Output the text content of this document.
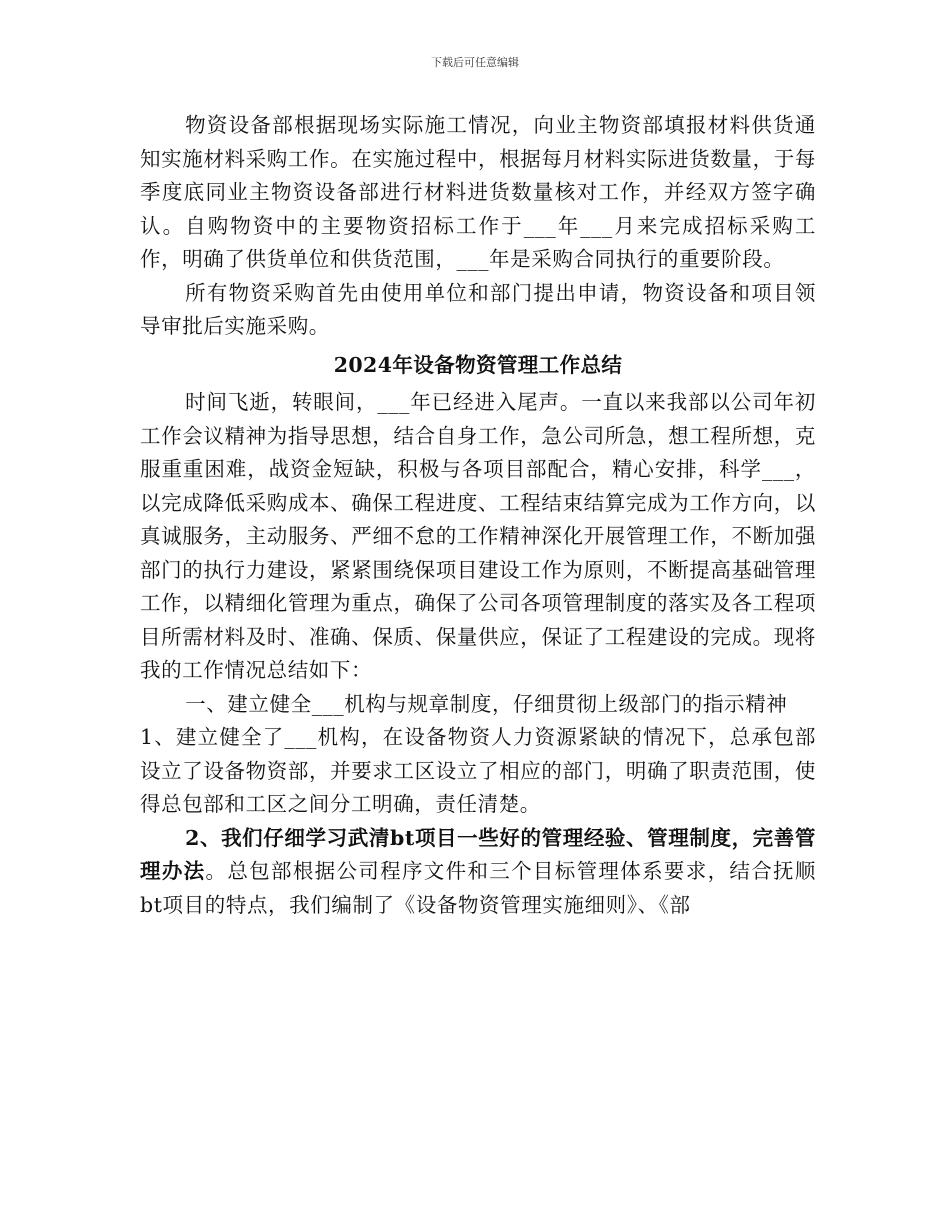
下载后可任意编辑

物资设备部根据现场实际施工情况，向业主物资部填报材料供货通知实施材料采购工作。在实施过程中，根据每月材料实际进货数量，于每季度底同业主物资设备部进行材料进货数量核对工作，并经双方签字确认。自购物资中的主要物资招标工作于___年___月来完成招标采购工作，明确了供货单位和供货范围，___年是采购合同执行的重要阶段。

所有物资采购首先由使用单位和部门提出申请，物资设备和项目领导审批后实施采购。

2024年设备物资管理工作总结

时间飞逝，转眼间，___年已经进入尾声。一直以来我部以公司年初工作会议精神为指导思想，结合自身工作，急公司所急，想工程所想，克服重重困难，战资金短缺，积极与各项目部配合，精心安排，科学___，以完成降低采购成本、确保工程进度、工程结束结算完成为工作方向，以真诚服务，主动服务、严细不怠的工作精神深化开展管理工作，不断加强部门的执行力建设，紧紧围绕保项目建设工作为原则，不断提高基础管理工作，以精细化管理为重点，确保了公司各项管理制度的落实及各工程项目所需材料及时、准确、保质、保量供应，保证了工程建设的完成。现将我的工作情况总结如下：

一、建立健全___机构与规章制度，仔细贯彻上级部门的指示精神

1、建立健全了___机构，在设备物资人力资源紧缺的情况下，总承包部设立了设备物资部，并要求工区设立了相应的部门，明确了职责范围，使得总包部和工区之间分工明确，责任清楚。

2、我们仔细学习武清bt项目一些好的管理经验、管理制度，完善管理办法。总包部根据公司程序文件和三个目标管理体系要求，结合抚顺bt项目的特点，我们编制了《设备物资管理实施细则》、《部
